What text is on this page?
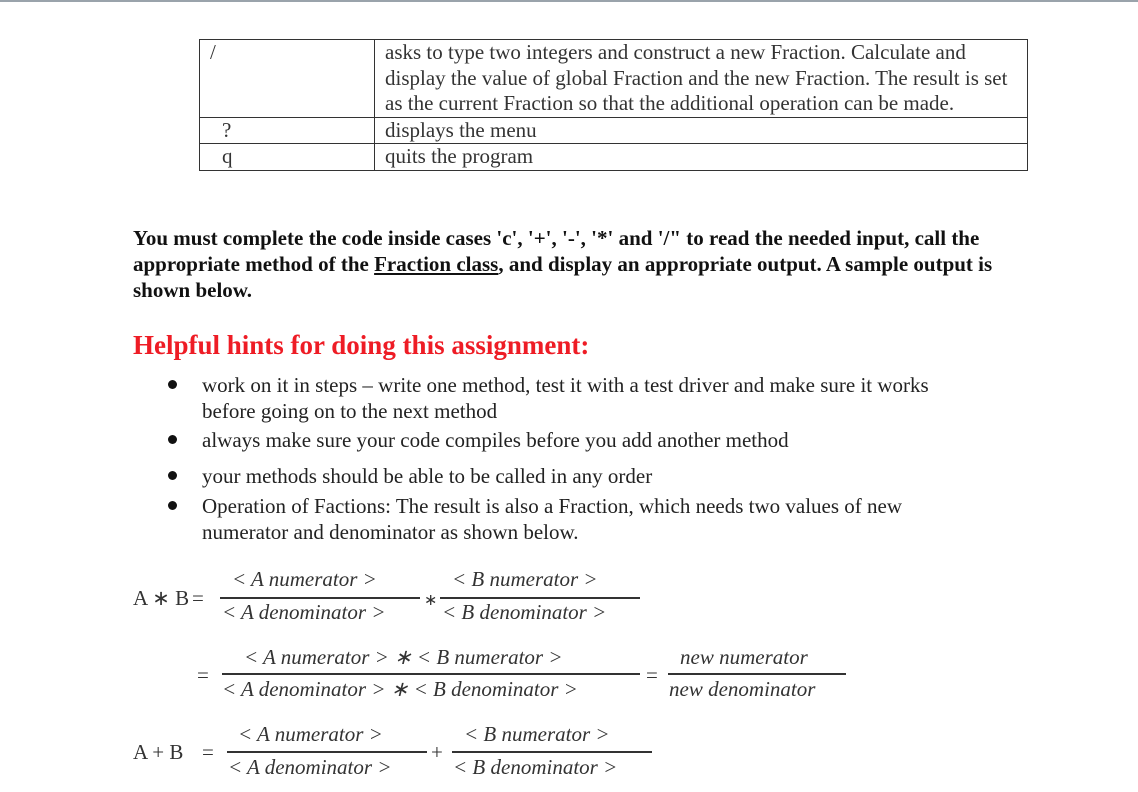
/	asks to type two integers and construct a new Fraction. Calculate and display the value of global Fraction and the new Fraction. The result is set as the current Fraction so that the additional operation can be made.
?	displays the menu
q	quits the program
You must complete the code inside cases 'c', '+', '-', '*' and '/" to read the needed input, call the appropriate method of the Fraction class, and display an appropriate output. A sample output is shown below.
Helpful hints for doing this assignment:
work on it in steps – write one method, test it with a test driver and make sure it works before going on to the next method
always make sure your code compiles before you add another method
your methods should be able to be called in any order
Operation of Factions: The result is also a Fraction, which needs two values of new numerator and denominator as shown below.
A ∗ B =
< A numerator >
< A denominator > ∗
< B numerator >
< B denominator >
=
< A numerator > ∗ < B numerator >
< A denominator > ∗ < B denominator >
=
new numerator
new denominator
A + B =
< A numerator >
< A denominator >
+
< B numerator >
< B denominator >
